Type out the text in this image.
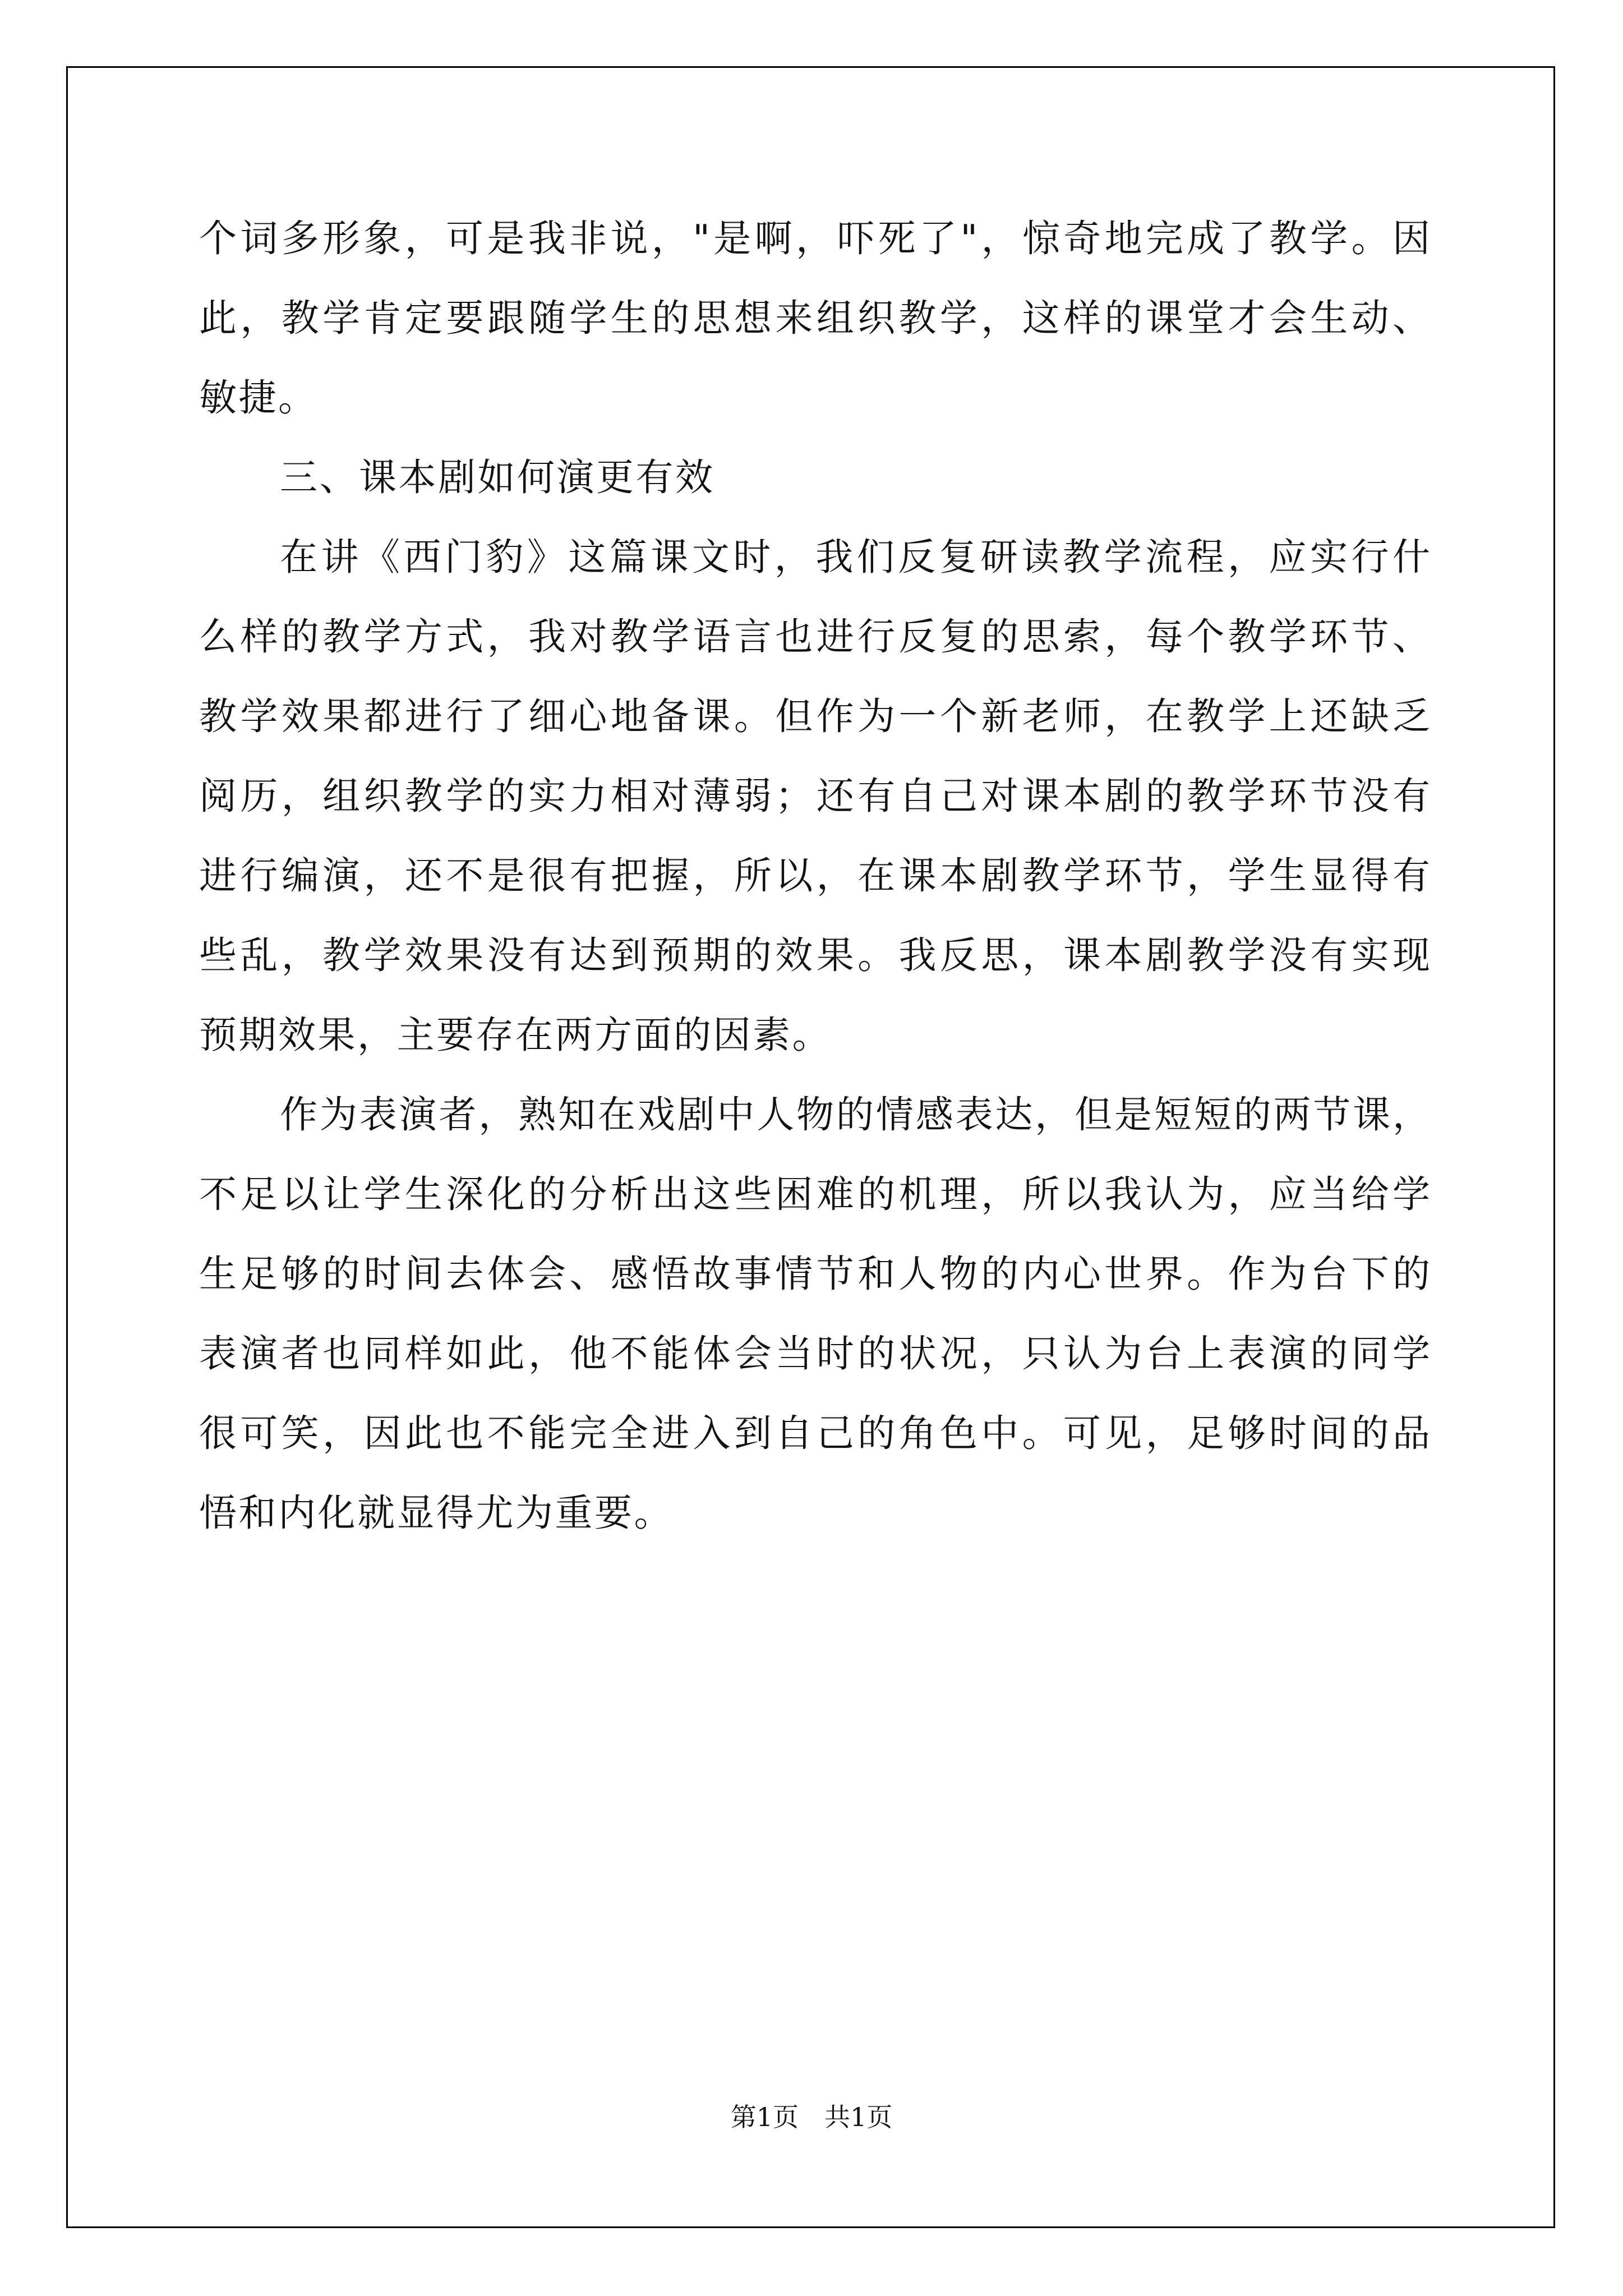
个词多形象，可是我非说，"是啊，吓死了"，惊奇地完成了教学。因
此，教学肯定要跟随学生的思想来组织教学，这样的课堂才会生动、
敏捷。
三、课本剧如何演更有效
在讲《西门豹》这篇课文时，我们反复研读教学流程，应实行什
么样的教学方式，我对教学语言也进行反复的思索，每个教学环节、
教学效果都进行了细心地备课。但作为一个新老师，在教学上还缺乏
阅历，组织教学的实力相对薄弱；还有自己对课本剧的教学环节没有
进行编演，还不是很有把握，所以，在课本剧教学环节，学生显得有
些乱，教学效果没有达到预期的效果。我反思，课本剧教学没有实现
预期效果，主要存在两方面的因素。
作为表演者，熟知在戏剧中人物的情感表达，但是短短的两节课，
不足以让学生深化的分析出这些困难的机理，所以我认为，应当给学
生足够的时间去体会、感悟故事情节和人物的内心世界。作为台下的
表演者也同样如此，他不能体会当时的状况，只认为台上表演的同学
很可笑，因此也不能完全进入到自己的角色中。可见，足够时间的品
悟和内化就显得尤为重要。
第1页 共1页
